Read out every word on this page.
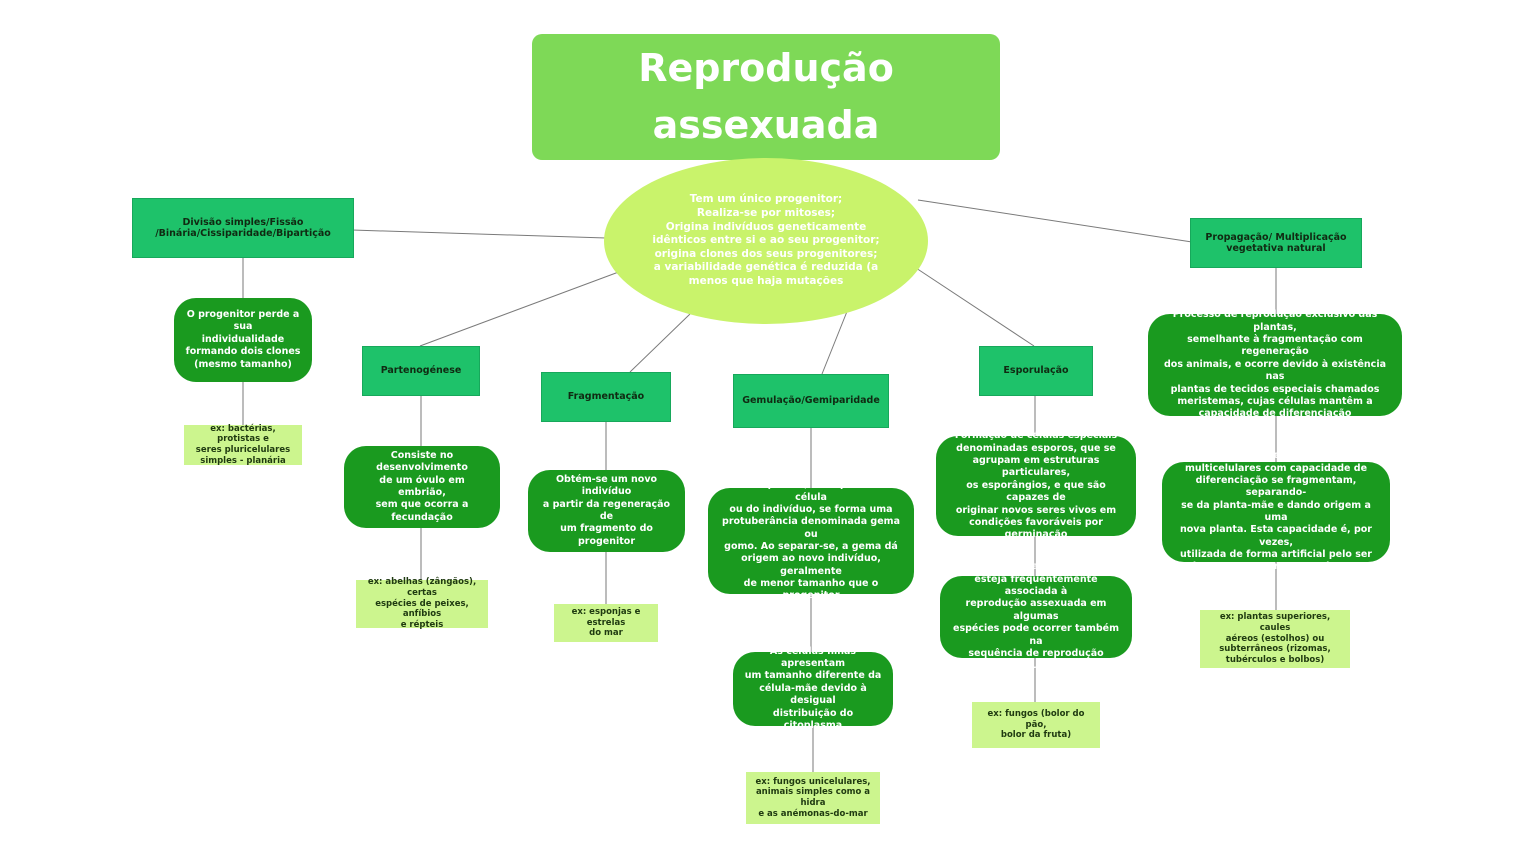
Reprodução
assexuada
Tem um único progenitor;
Realiza-se por mitoses;
Origina indivíduos geneticamente
idênticos entre si e ao seu progenitor;
origina clones dos seus progenitores;
a variabilidade genética é reduzida (a
menos que haja mutações
Divisão simples/Fissão
/Binária/Cissiparidade/Bipartição
O progenitor perde a sua
individualidade
formando dois clones
(mesmo tamanho)
ex: bactérias, protistas e
seres pluricelulares
simples - planária
Partenogénese
Consiste no desenvolvimento
de um óvulo em embrião,
sem que ocorra a
fecundação
ex: abelhas (zângãos), certas
espécies de peixes, anfíbios
e répteis
Fragmentação
Obtém-se um novo indivíduo
a partir da regeneração de
um fragmento do progenitor
ex: esponjas e estrelas
do mar
Gemulação/Gemiparidade
Ocorre quando, na superfície da célula
ou do indivíduo, se forma uma
protuberância denominada gema ou
gomo. Ao separar-se, a gema dá
origem ao novo indivíduo, geralmente
de menor tamanho que o progenitor
As células filhas apresentam
um tamanho diferente da
célula-mãe devido à desigual
distribuição do citoplasma
ex: fungos unicelulares,
animais simples como a hidra
e as anémonas-do-mar
Esporulação
Formação de células especiais
denominadas esporos, que se
agrupam em estruturas particulares,
os esporângios, e que são capazes de
originar novos seres vivos em
condições favoráveis por germinação
Embora a formação de esporos
esteja frequentemente associada à
reprodução assexuada em algumas
espécies pode ocorrer também na
sequência de reprodução sexuada
ex: fungos (bolor do pão,
bolor da fruta)
Propagação/ Multiplicação
vegetativa natural
Processo de reprodução exclusivo das plantas,
semelhante à fragmentação com regeneração
dos animais, e ocorre devido à existência nas
plantas de tecidos especiais chamados
meristemas, cujas células mantêm a
capacidade de diferenciação
Ocorre quando certos organismos
multicelulares com capacidade de
diferenciação se fragmentam, separando-
se da planta-mãe e dando origem a uma
nova planta. Esta capacidade é, por vezes,
utilizada de forma artificial pelo ser
humano para propagar plantas
ex: plantas superiores, caules
aéreos (estolhos) ou
subterrâneos (rizomas,
tubérculos e bolbos)
